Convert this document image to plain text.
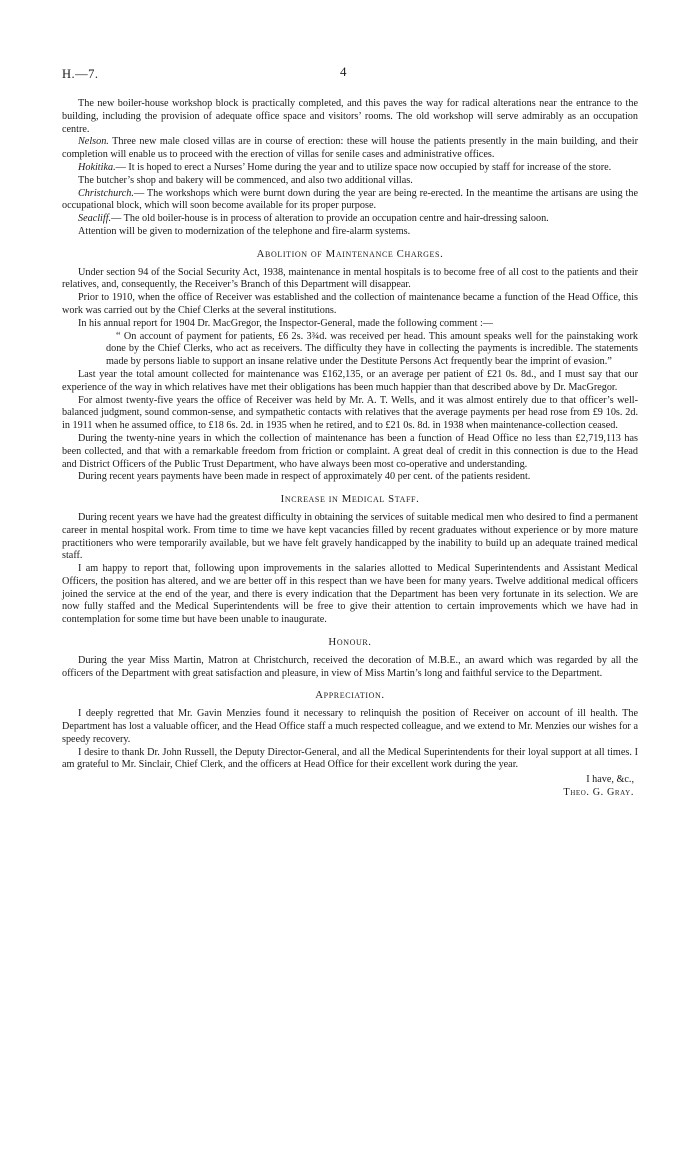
H.—7.	4

The new boiler-house workshop block is practically completed, and this paves the way for radical alterations near the entrance to the building, including the provision of adequate office space and visitors’ rooms. The old workshop will serve admirably as an occupation centre.

Nelson. Three new male closed villas are in course of erection: these will house the patients presently in the main building, and their completion will enable us to proceed with the erection of villas for senile cases and administrative offices.

Hokitika.— It is hoped to erect a Nurses’ Home during the year and to utilize space now occupied by staff for increase of the store.

The butcher’s shop and bakery will be commenced, and also two additional villas.

Christchurch.— The workshops which were burnt down during the year are being re-erected. In the meantime the artisans are using the occupational block, which will soon become available for its proper purpose.

Seacliff.— The old boiler-house is in process of alteration to provide an occupation centre and hair-dressing saloon.

Attention will be given to modernization of the telephone and fire-alarm systems.

Abolition of Maintenance Charges.

Under section 94 of the Social Security Act, 1938, maintenance in mental hospitals is to become free of all cost to the patients and their relatives, and, consequently, the Receiver’s Branch of this Department will disappear.

Prior to 1910, when the office of Receiver was established and the collection of maintenance became a function of the Head Office, this work was carried out by the Chief Clerks at the several institutions.

In his annual report for 1904 Dr. MacGregor, the Inspector-General, made the following comment :—

“ On account of payment for patients, £6 2s. 3¾d. was received per head. This amount speaks well for the painstaking work done by the Chief Clerks, who act as receivers. The difficulty they have in collecting the payments is incredible. The statements made by persons liable to support an insane relative under the Destitute Persons Act frequently bear the imprint of evasion.”

Last year the total amount collected for maintenance was £162,135, or an average per patient of £21 0s. 8d., and I must say that our experience of the way in which relatives have met their obligations has been much happier than that described above by Dr. MacGregor.

For almost twenty-five years the office of Receiver was held by Mr. A. T. Wells, and it was almost entirely due to that officer’s well-balanced judgment, sound common-sense, and sympathetic contacts with relatives that the average payments per head rose from £9 10s. 2d. in 1911 when he assumed office, to £18 6s. 2d. in 1935 when he retired, and to £21 0s. 8d. in 1938 when maintenance-collection ceased.

During the twenty-nine years in which the collection of maintenance has been a function of Head Office no less than £2,719,113 has been collected, and that with a remarkable freedom from friction or complaint. A great deal of credit in this connection is due to the Head and District Officers of the Public Trust Department, who have always been most co-operative and understanding.

During recent years payments have been made in respect of approximately 40 per cent. of the patients resident.

Increase in Medical Staff.

During recent years we have had the greatest difficulty in obtaining the services of suitable medical men who desired to find a permanent career in mental hospital work. From time to time we have kept vacancies filled by recent graduates without experience or by more mature practitioners who were temporarily available, but we have felt gravely handicapped by the inability to build up an adequate trained medical staff.

I am happy to report that, following upon improvements in the salaries allotted to Medical Superintendents and Assistant Medical Officers, the position has altered, and we are better off in this respect than we have been for many years. Twelve additional medical officers joined the service at the end of the year, and there is every indication that the Department has been very fortunate in its selection. We are now fully staffed and the Medical Superintendents will be free to give their attention to certain improvements which we have had in contemplation for some time but have been unable to inaugurate.

Honour.

During the year Miss Martin, Matron at Christchurch, received the decoration of M.B.E., an award which was regarded by all the officers of the Department with great satisfaction and pleasure, in view of Miss Martin’s long and faithful service to the Department.

Appreciation.

I deeply regretted that Mr. Gavin Menzies found it necessary to relinquish the position of Receiver on account of ill health. The Department has lost a valuable officer, and the Head Office staff a much respected colleague, and we extend to Mr. Menzies our wishes for a speedy recovery.

I desire to thank Dr. John Russell, the Deputy Director-General, and all the Medical Superintendents for their loyal support at all times. I am grateful to Mr. Sinclair, Chief Clerk, and the officers at Head Office for their excellent work during the year.

I have, &c.,
Theo. G. Gray.
